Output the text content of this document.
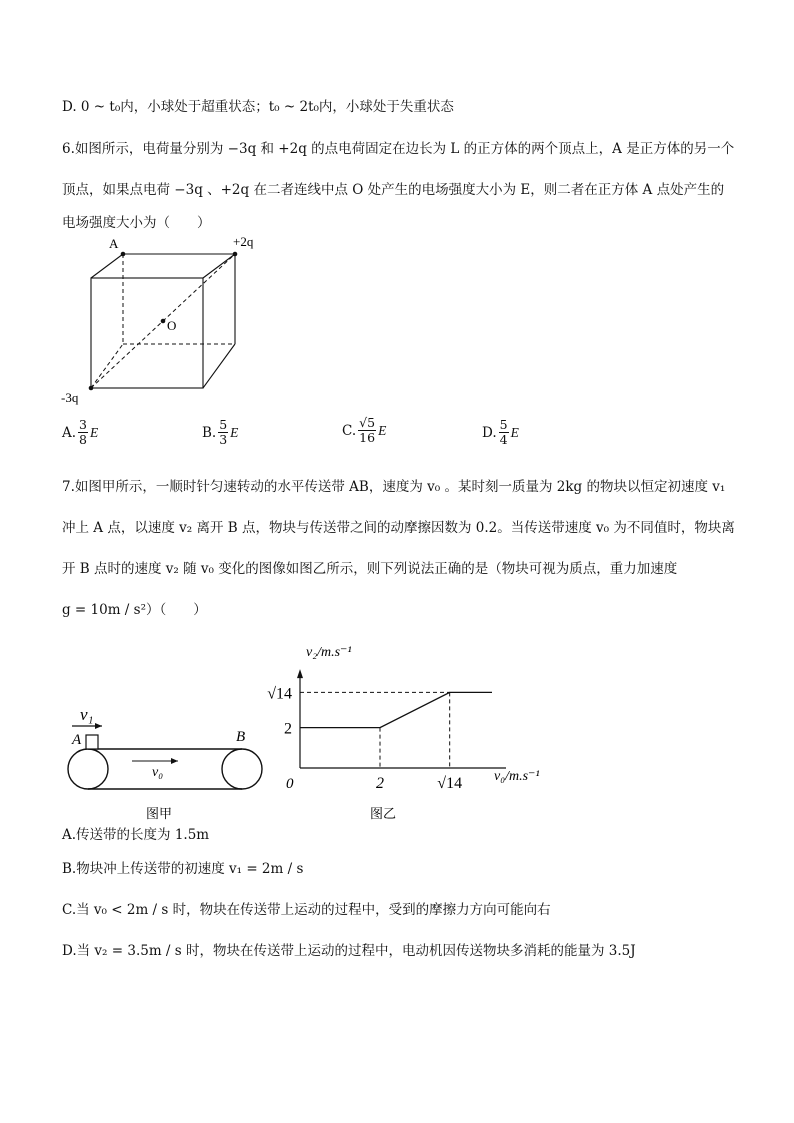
D. 0 ~ t₀内，小球处于超重状态；t₀ ~ 2t₀内，小球处于失重状态
6.如图所示，电荷量分别为 −3q 和 +2q 的点电荷固定在边长为 L 的正方体的两个顶点上，A 是正方体的另一个
顶点，如果点电荷 −3q 、+2q 在二者连线中点 O 处产生的电场强度大小为 E，则二者在正方体 A 点处产生的
电场强度大小为（　　）
A	+2q
O
-3q
A. $\frac{3}{8}$ E	B. $\frac{5}{3}$ E	C. $\frac{√5}{16}$ E	D. $\frac{5}{4}$ E
7.如图甲所示，一顺时针匀速转动的水平传送带 AB，速度为 v₀ 。某时刻一质量为 2kg 的物块以恒定初速度 v₁
冲上 A 点，以速度 v₂ 离开 B 点，物块与传送带之间的动摩擦因数为 0.2。当传送带速度 v₀ 为不同值时，物块离
开 B 点时的速度 v₂ 随 v₀ 变化的图像如图乙所示，则下列说法正确的是（物块可视为质点，重力加速度
g = 10m / s²）（　　）
v₁
A	B
v₀
图甲
2
√14
2	√14
0
v₂/m.s⁻¹
v₀/m.s⁻¹
图乙
A.传送带的长度为 1.5m
B.物块冲上传送带的初速度 v₁ = 2m / s
C.当 v₀ < 2m / s 时，物块在传送带上运动的过程中，受到的摩擦力方向可能向右
D.当 v₂ = 3.5m / s 时，物块在传送带上运动的过程中，电动机因传送物块多消耗的能量为 3.5J
